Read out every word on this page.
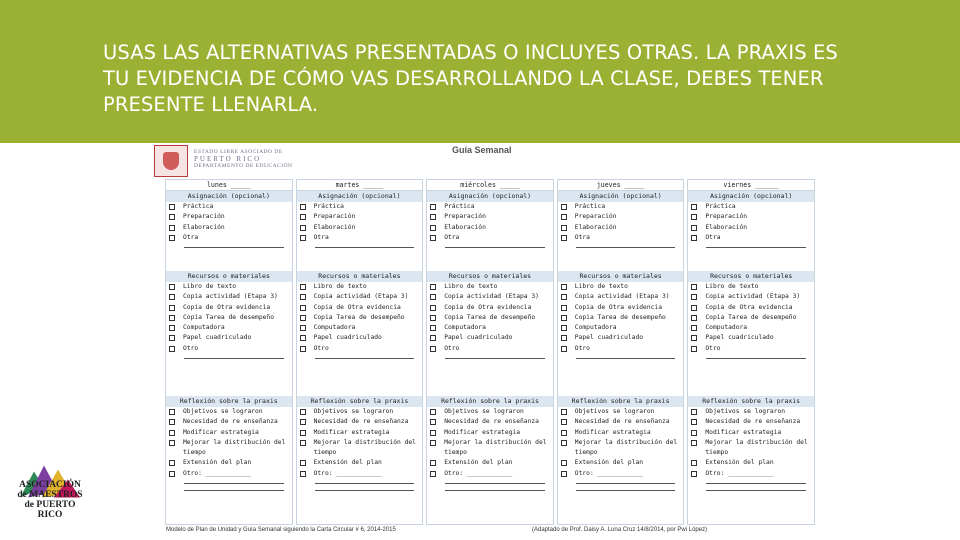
USAS LAS ALTERNATIVAS PRESENTADAS O INCLUYES OTRAS. LA PRAXIS ES TU EVIDENCIA DE CÓMO VAS DESARROLLANDO LA CLASE, DEBES TENER PRESENTE LLENARLA.
ESTADO LIBRE ASOCIADO DE
PUERTO RICO
DEPARTAMENTO DE EDUCACIÓN
Guía Semanal
lunes _____
Asignación (opcional)
Práctica
Preparación
Elaboración
Otra
Recursos o materiales
Libro de texto
Copia actividad (Etapa 3)
Copia de Otra evidencia
Copia Tarea de desempeño
Computadora
Papel cuadriculado
Otro
Reflexión sobre la praxis
Objetivos se lograron
Necesidad de re enseñanza
Modificar estrategia
Mejorar la distribución del tiempo
Extensión del plan
Otro: ____________
martes _____
Asignación (opcional)
Práctica
Preparación
Elaboración
Otra
Recursos o materiales
Libro de texto
Copia actividad (Etapa 3)
Copia de Otra evidencia
Copia Tarea de desempeño
Computadora
Papel cuadriculado
Otro
Reflexión sobre la praxis
Objetivos se lograron
Necesidad de re enseñanza
Modificar estrategia
Mejorar la distribución del tiempo
Extensión del plan
Otro: ____________
miércoles _____
Asignación (opcional)
Práctica
Preparación
Elaboración
Otra
Recursos o materiales
Libro de texto
Copia actividad (Etapa 3)
Copia de Otra evidencia
Copia Tarea de desempeño
Computadora
Papel cuadriculado
Otro
Reflexión sobre la praxis
Objetivos se lograron
Necesidad de re enseñanza
Modificar estrategia
Mejorar la distribución del tiempo
Extensión del plan
Otro: ____________
jueves _____
Asignación (opcional)
Práctica
Preparación
Elaboración
Otra
Recursos o materiales
Libro de texto
Copia actividad (Etapa 3)
Copia de Otra evidencia
Copia Tarea de desempeño
Computadora
Papel cuadriculado
Otro
Reflexión sobre la praxis
Objetivos se lograron
Necesidad de re enseñanza
Modificar estrategia
Mejorar la distribución del tiempo
Extensión del plan
Otro: ____________
viernes ______
Asignación (opcional)
Práctica
Preparación
Elaboración
Otra
Recursos o materiales
Libro de texto
Copia actividad (Etapa 3)
Copia de Otra evidencia
Copia Tarea de desempeño
Computadora
Papel cuadriculado
Otro
Reflexión sobre la praxis
Objetivos se lograron
Necesidad de re enseñanza
Modificar estrategia
Mejorar la distribución del tiempo
Extensión del plan
Otro: ____________
Modelo de Plan de Unidad y Guía Semanal siguiendo la Carta Circular # 6, 2014-2015	(Adaptado de Prof. Daisy A. Luna Cruz 14/8/2014, por Pwi López)
ASOCIACIÓN
de MAESTROS
de PUERTO RICO
